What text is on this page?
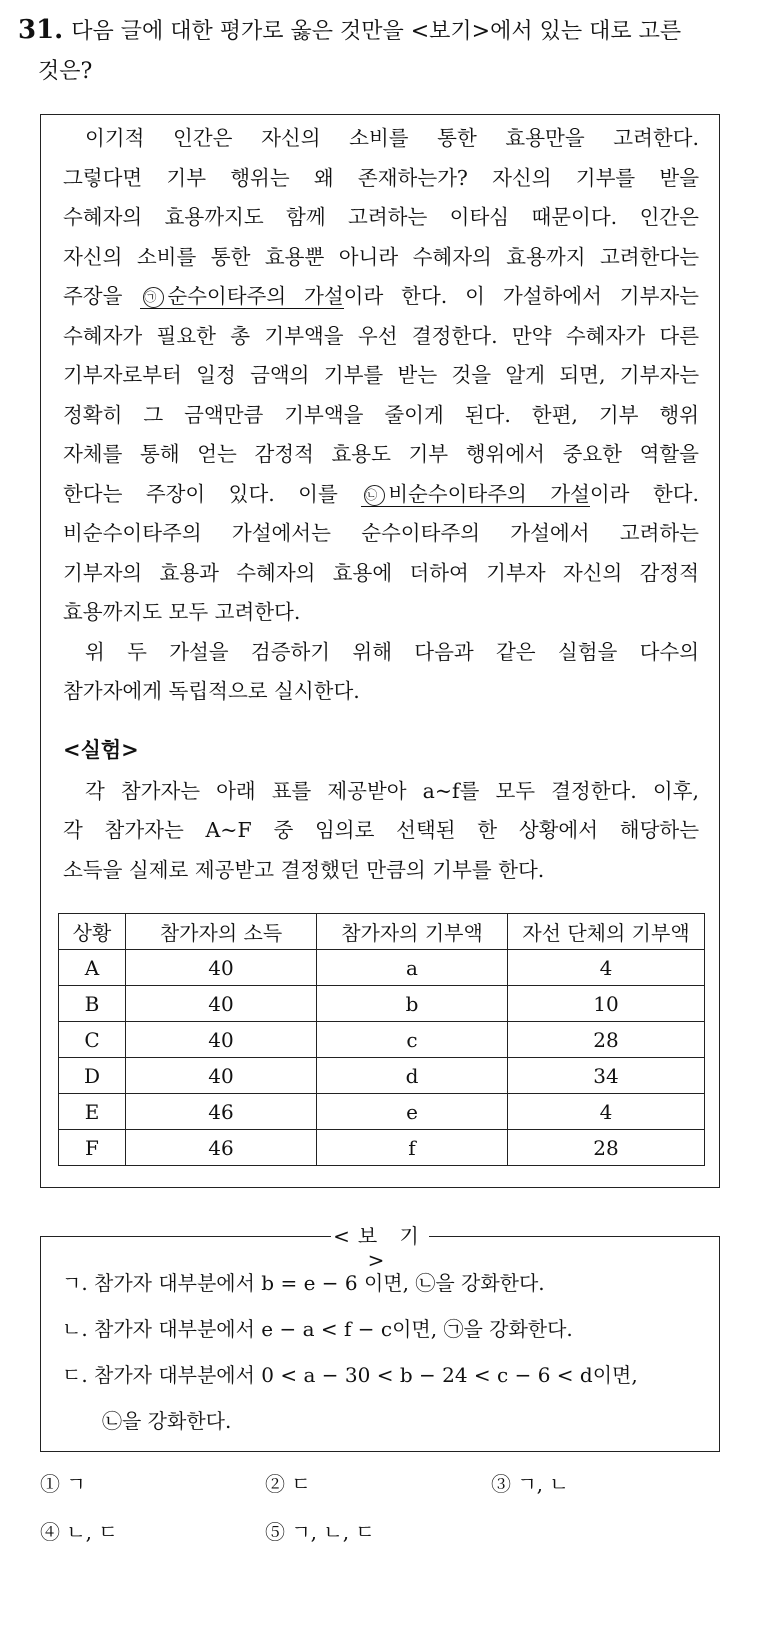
31. 다음 글에 대한 평가로 옳은 것만을 <보기>에서 있는 대로 고른
것은?

이기적 인간은 자신의 소비를 통한 효용만을 고려한다.

그렇다면 기부 행위는 왜 존재하는가? 자신의 기부를 받을

수혜자의 효용까지도 함께 고려하는 이타심 때문이다. 인간은

자신의 소비를 통한 효용뿐 아니라 수혜자의 효용까지 고려한다는

주장을 ㉠ 순수이타주의 가설이라 한다. 이 가설하에서 기부자는

수혜자가 필요한 총 기부액을 우선 결정한다. 만약 수혜자가 다른

기부자로부터 일정 금액의 기부를 받는 것을 알게 되면, 기부자는

정확히 그 금액만큼 기부액을 줄이게 된다. 한편, 기부 행위

자체를 통해 얻는 감정적 효용도 기부 행위에서 중요한 역할을

한다는 주장이 있다. 이를 ㉡ 비순수이타주의 가설이라 한다.

비순수이타주의 가설에서는 순수이타주의 가설에서 고려하는

기부자의 효용과 수혜자의 효용에 더하여 기부자 자신의 감정적

효용까지도 모두 고려한다.

위 두 가설을 검증하기 위해 다음과 같은 실험을 다수의

참가자에게 독립적으로 실시한다.

<실험>

각 참가자는 아래 표를 제공받아 a~f를 모두 결정한다. 이후,

각 참가자는 A~F 중 임의로 선택된 한 상황에서 해당하는

소득을 실제로 제공받고 결정했던 만큼의 기부를 한다.

상황	참가자의 소득	참가자의 기부액	자선 단체의 기부액
A	40	a	4
B	40	b	10
C	40	c	28
D	40	d	34
E	46	e	4
F	46	f	28
<보 기>
ㄱ. 참가자 대부분에서 b = e − 6 이면, ㉡을 강화한다.
ㄴ. 참가자 대부분에서 e − a < f − c이면, ㉠을 강화한다.
ㄷ. 참가자 대부분에서 0 < a − 30 < b − 24 < c − 6 < d이면,
㉡을 강화한다.
① ㄱ	② ㄷ	③ ㄱ, ㄴ
④ ㄴ, ㄷ	⑤ ㄱ, ㄴ, ㄷ
